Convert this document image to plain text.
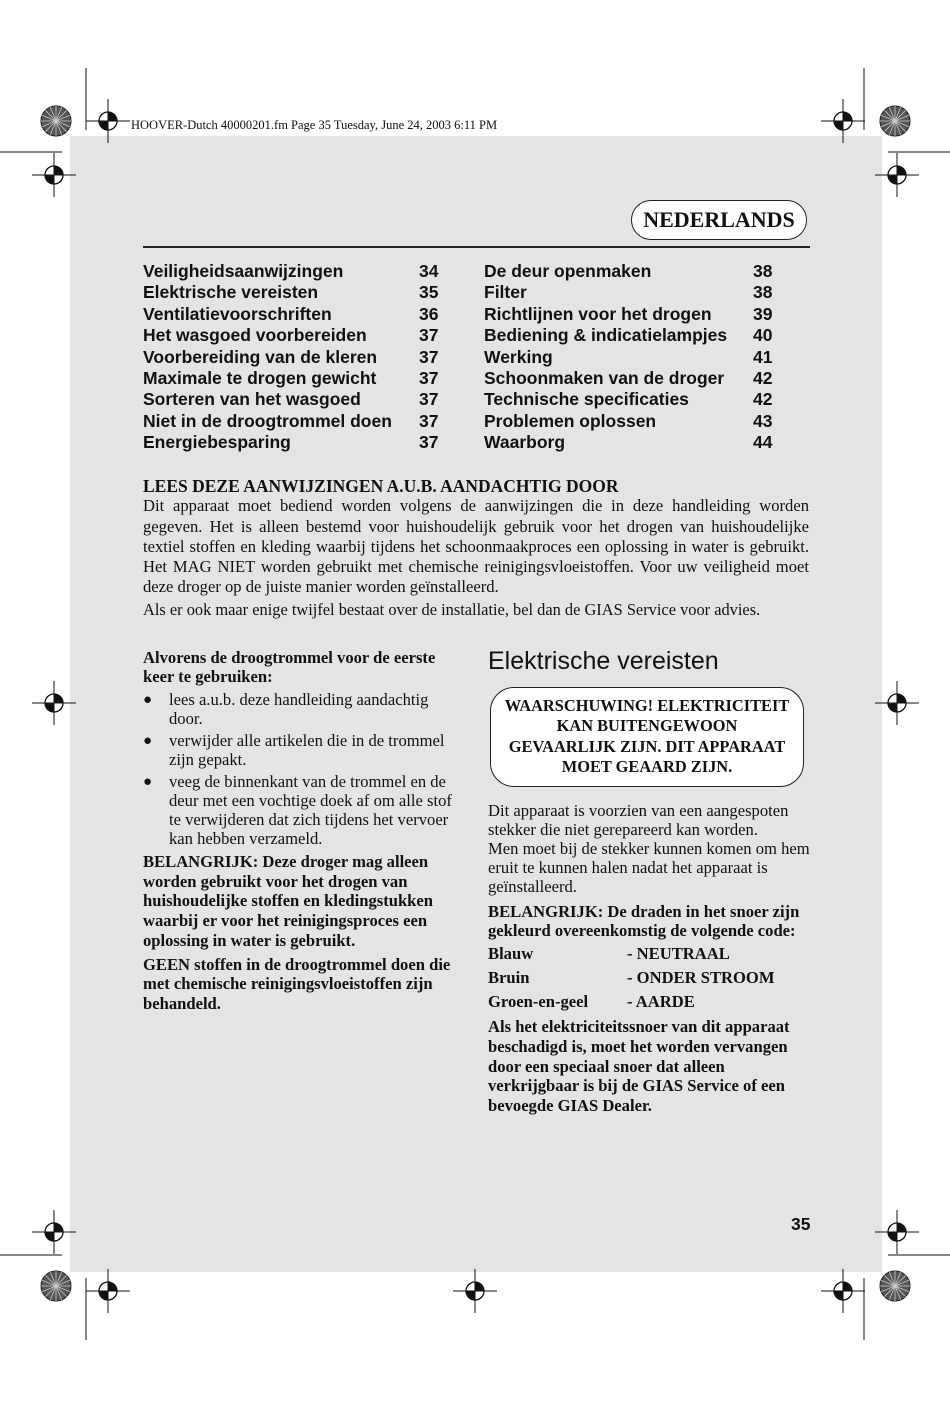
HOOVER-Dutch 40000201.fm Page 35 Tuesday, June 24, 2003 6:11 PM
NEDERLANDS
Veiligheidsaanwijzingen	34
Elektrische vereisten	35
Ventilatievoorschriften	36
Het wasgoed voorbereiden	37
Voorbereiding van de kleren 37
Maximale te drogen gewicht 37
Sorteren van het wasgoed	37
Niet in de droogtrommel doen 37
Energiebesparing	37
De deur openmaken	38
Filter	38
Richtlijnen voor het drogen 39
Bediening & indicatielampjes 40
Werking	41
Schoonmaken van de droger 42
Technische specificaties	42
Problemen oplossen	43
Waarborg	44
LEES DEZE AANWIJZINGEN A.U.B. AANDACHTIG DOOR

Dit apparaat moet bediend worden volgens de aanwijzingen die in deze handleiding worden gegeven. Het is alleen bestemd voor huishoudelijk gebruik voor het drogen van huishoudelijke textiel stoffen en kleding waarbij tijdens het schoonmaakproces een oplossing in water is gebruikt. Het MAG NIET worden gebruikt met chemische reinigingsvloeistoffen. Voor uw veiligheid moet deze droger op de juiste manier worden geïnstalleerd.

Als er ook maar enige twijfel bestaat over de installatie, bel dan de GIAS Service voor advies.

Alvorens de droogtrommel voor de eerste keer te gebruiken:
● lees a.u.b. deze handleiding aandachtig door.
● verwijder alle artikelen die in de trommel zijn gepakt.
● veeg de binnenkant van de trommel en de deur met een vochtige doek af om alle stof te verwijderen dat zich tijdens het vervoer kan hebben verzameld.

BELANGRIJK: Deze droger mag alleen worden gebruikt voor het drogen van huishoudelijke stoffen en kledingstukken waarbij er voor het reinigingsproces een oplossing in water is gebruikt.

GEEN stoffen in de droogtrommel doen die met chemische reinigingsvloeistoffen zijn behandeld.

Elektrische vereisten
WAARSCHUWING! ELEKTRICITEIT KAN BUITENGEWOON GEVAARLIJK ZIJN. DIT APPARAAT MOET GEAARD ZIJN.

Dit apparaat is voorzien van een aangespoten stekker die niet gerepareerd kan worden.

Men moet bij de stekker kunnen komen om hem eruit te kunnen halen nadat het apparaat is geïnstalleerd.

BELANGRIJK: De draden in het snoer zijn gekleurd overeenkomstig de volgende code:

Blauw	- NEUTRAAL
Bruin	- ONDER STROOM
Groen-en-geel - AARDE

Als het elektriciteitssnoer van dit apparaat beschadigd is, moet het worden vervangen door een speciaal snoer dat alleen verkrijgbaar is bij de GIAS Service of een bevoegde GIAS Dealer.

35
